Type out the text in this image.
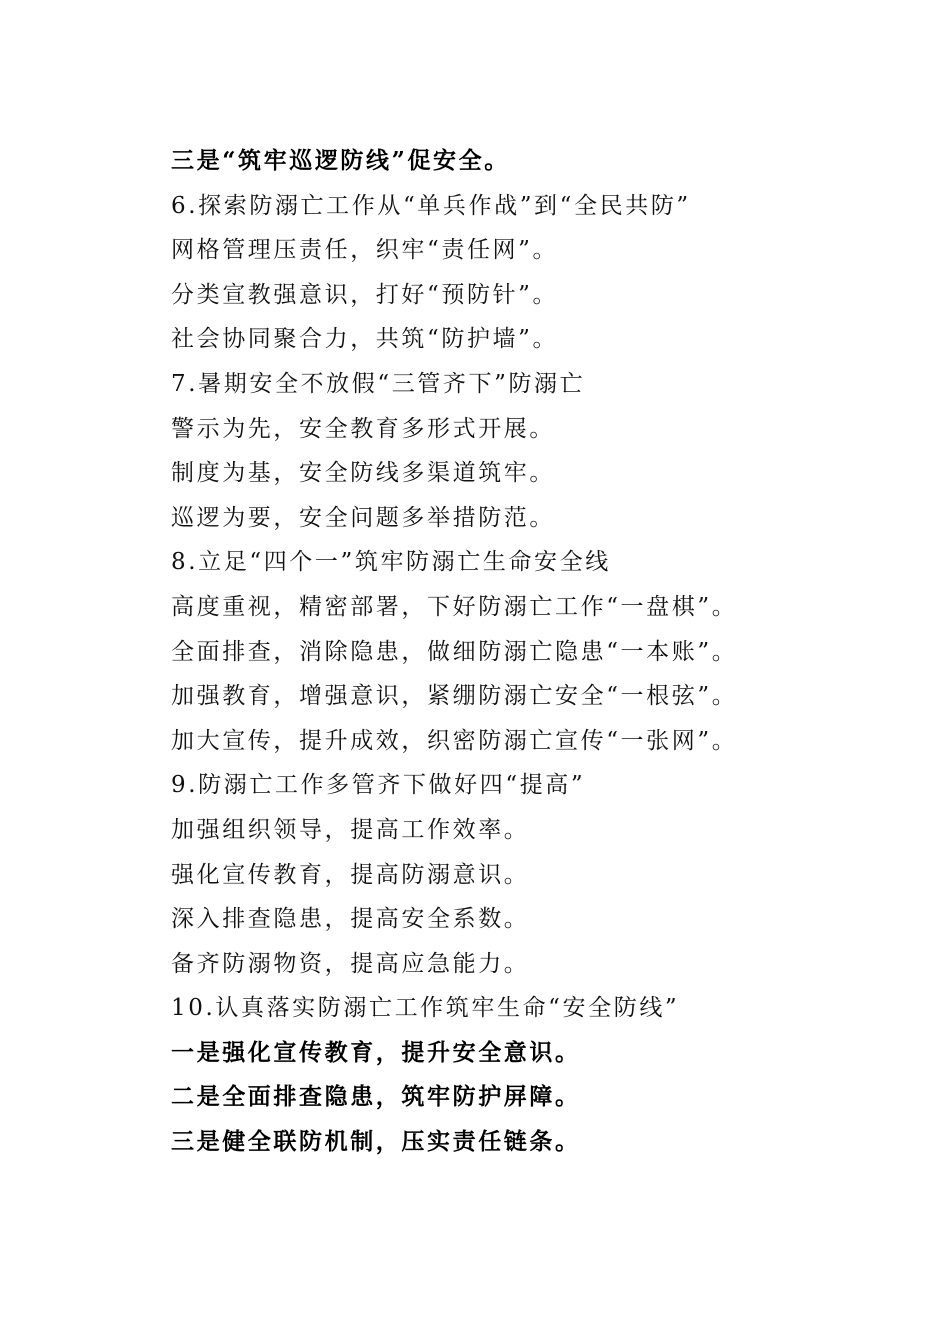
三是“筑牢巡逻防线”促安全。
6.探索防溺亡工作从“单兵作战”到“全民共防”
网格管理压责任，织牢“责任网”。
分类宣教强意识，打好“预防针”。
社会协同聚合力，共筑“防护墙”。
7.暑期安全不放假“三管齐下”防溺亡
警示为先，安全教育多形式开展。
制度为基，安全防线多渠道筑牢。
巡逻为要，安全问题多举措防范。
8.立足“四个一”筑牢防溺亡生命安全线
高度重视，精密部署，下好防溺亡工作“一盘棋”。
全面排查，消除隐患，做细防溺亡隐患“一本账”。
加强教育，增强意识，紧绷防溺亡安全“一根弦”。
加大宣传，提升成效，织密防溺亡宣传“一张网”。
9.防溺亡工作多管齐下做好四“提高”
加强组织领导，提高工作效率。
强化宣传教育，提高防溺意识。
深入排查隐患，提高安全系数。
备齐防溺物资，提高应急能力。
10.认真落实防溺亡工作筑牢生命“安全防线”
一是强化宣传教育，提升安全意识。
二是全面排查隐患，筑牢防护屏障。
三是健全联防机制，压实责任链条。
